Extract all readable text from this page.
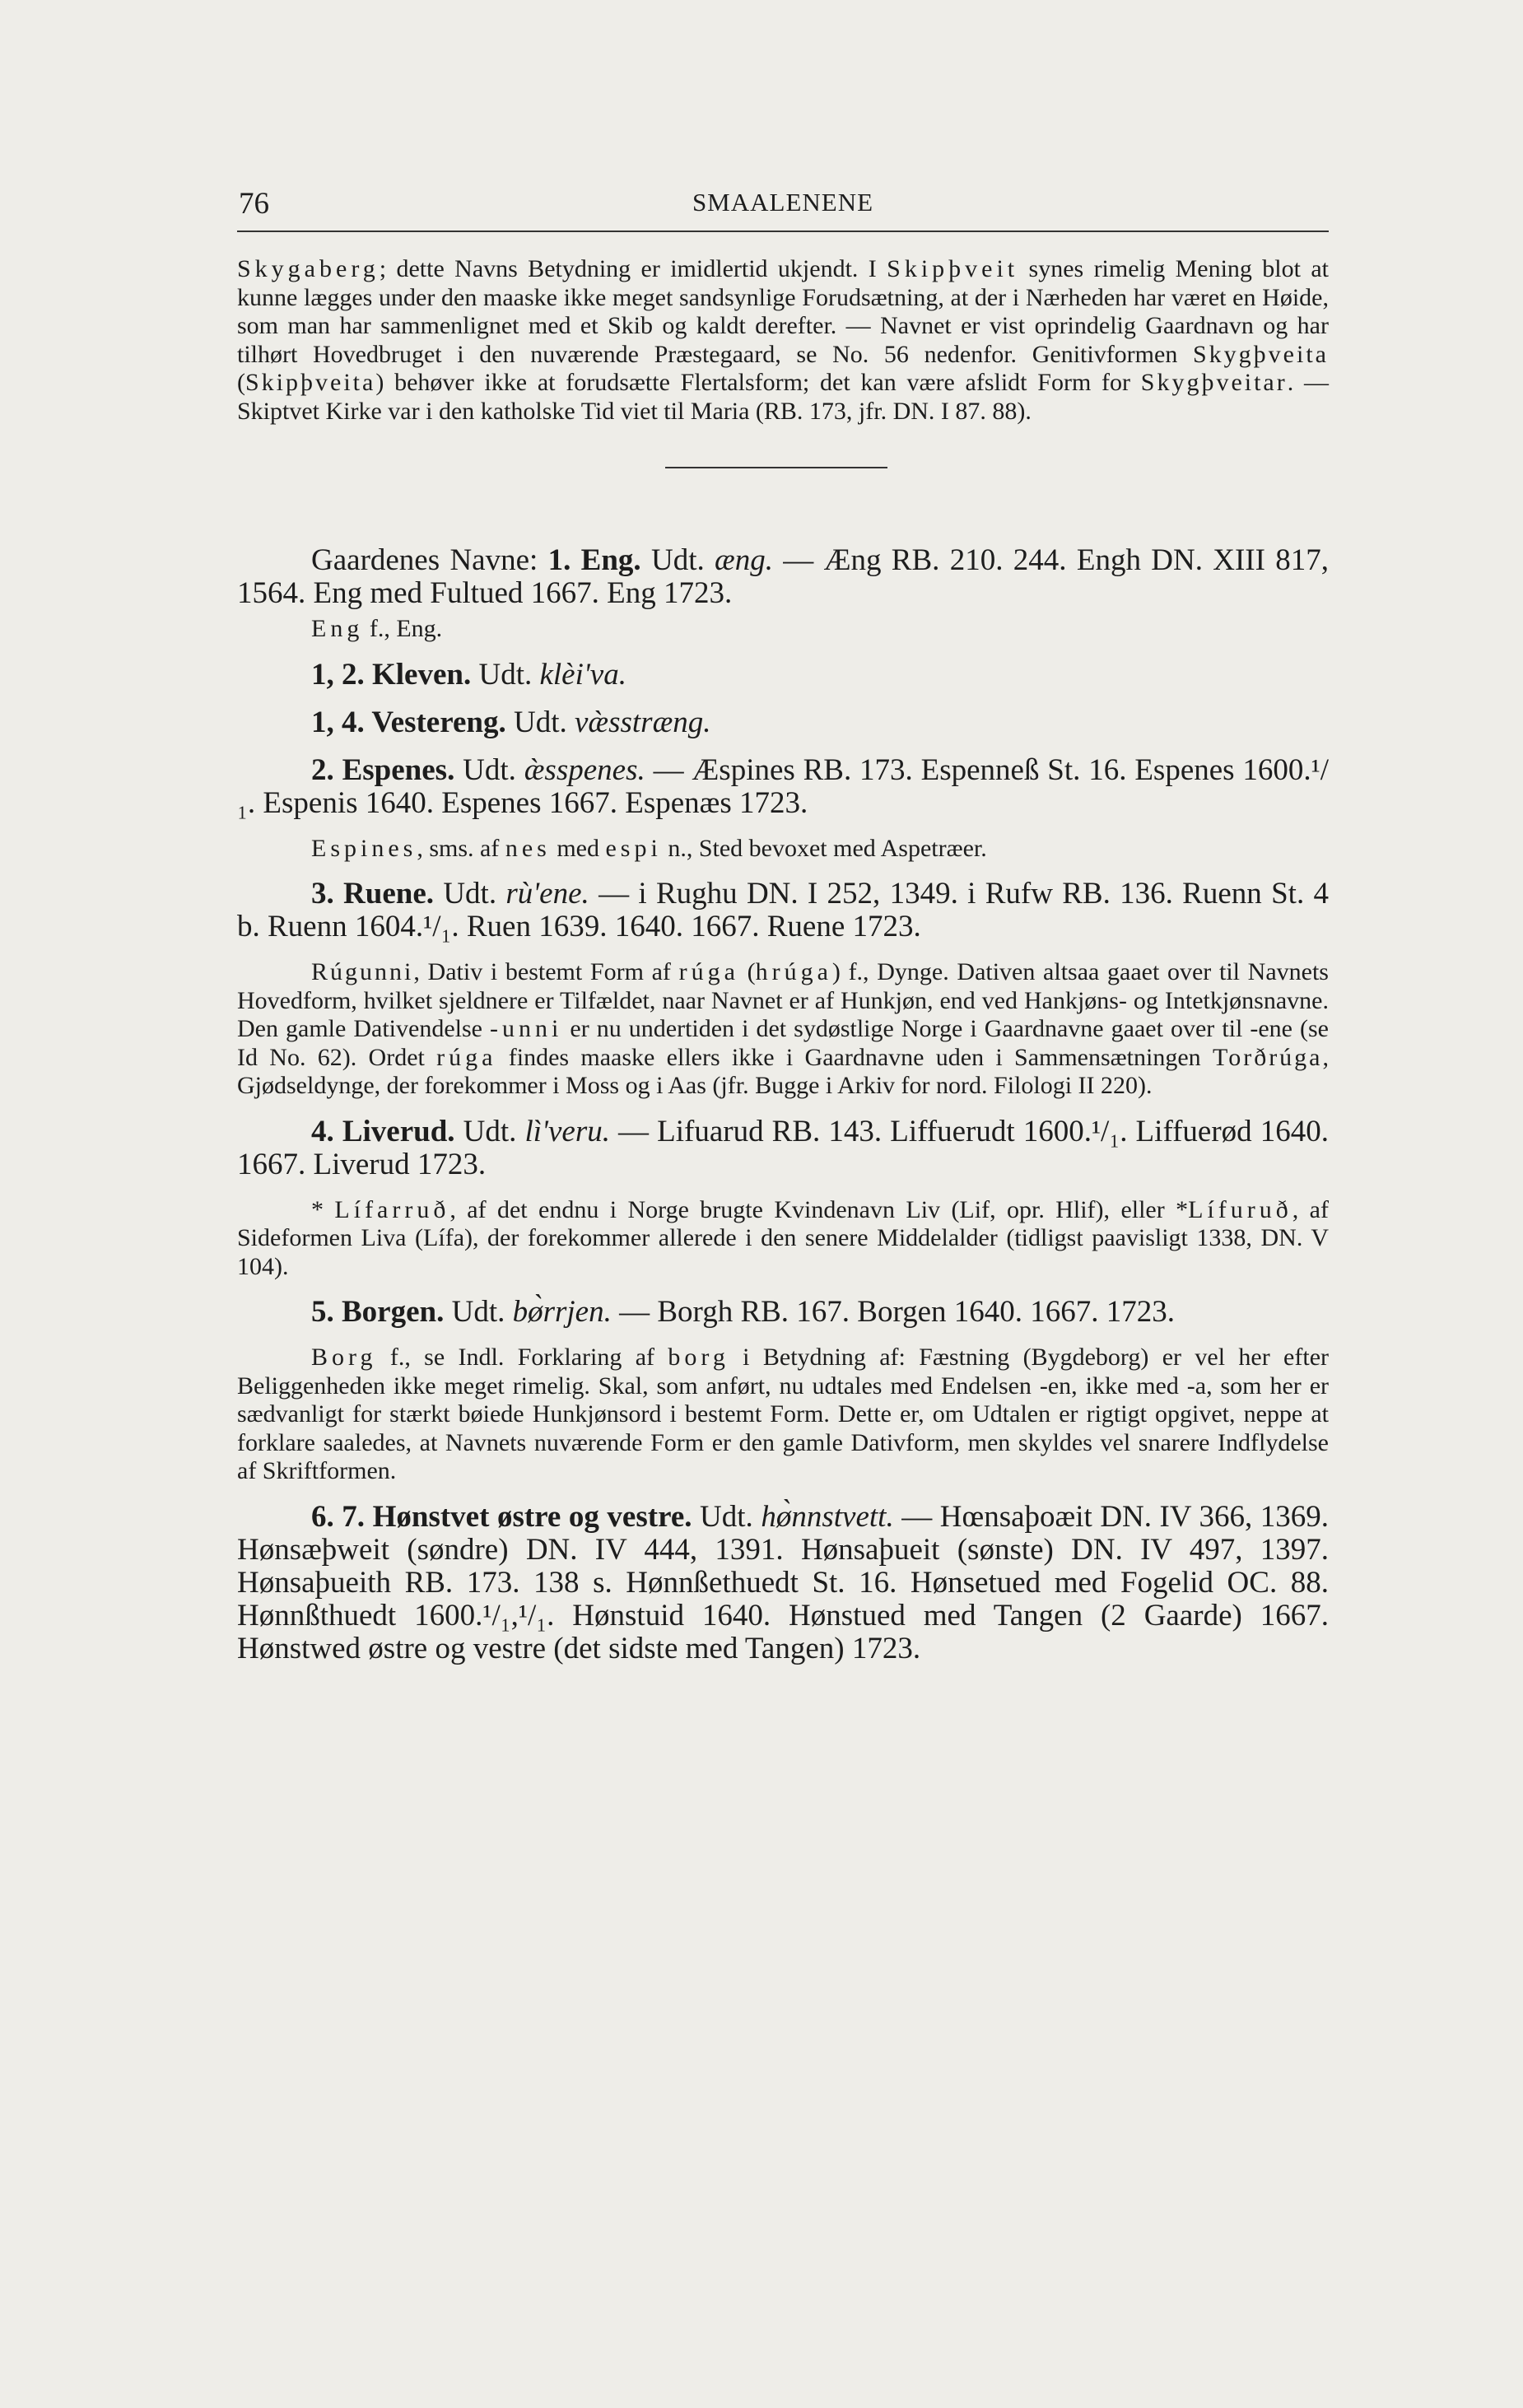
76	SMAALENENE

Skygaberg; dette Navns Betydning er imidlertid ukjendt. I Skipþveit synes rimelig Mening blot at kunne lægges under den maaske ikke meget sandsynlige Forudsætning, at der i Nærheden har været en Høide, som man har sammenlignet med et Skib og kaldt derefter. — Navnet er vist oprindelig Gaardnavn og har tilhørt Hovedbruget i den nuværende Præstegaard, se No. 56 nedenfor. Genitivformen Skygþveita (Skipþveita) behøver ikke at forudsætte Flertalsform; det kan være afslidt Form for Skygþveitar. — Skiptvet Kirke var i den katholske Tid viet til Maria (RB. 173, jfr. DN. I 87. 88).

Gaardenes Navne: 1. Eng. Udt. æng. — Æng RB. 210. 244. Engh DN. XIII 817, 1564. Eng med Fultued 1667. Eng 1723.

Eng f., Eng.

1, 2. Kleven. Udt. klèi'va.

1, 4. Vestereng. Udt. væ̀sstræng.

2. Espenes. Udt. æ̀sspenes. — Æspines RB. 173. Espenneß St. 16. Espenes 1600.¹/₁. Espenis 1640. Espenes 1667. Espenæs 1723.

Espines, sms. af nes med espi n., Sted bevoxet med Aspetræer.

3. Ruene. Udt. rù'ene. — i Rughu DN. I 252, 1349. i Rufw RB. 136. Ruenn St. 4 b. Ruenn 1604.¹/₁. Ruen 1639. 1640. 1667. Ruene 1723.

Rúgunni, Dativ i bestemt Form af rúga (hrúga) f., Dynge. Dativen altsaa gaaet over til Navnets Hovedform, hvilket sjeldnere er Tilfældet, naar Navnet er af Hunkjøn, end ved Hankjøns- og Intetkjønsnavne. Den gamle Dativendelse -unni er nu undertiden i det sydøstlige Norge i Gaardnavne gaaet over til -ene (se Id No. 62). Ordet rúga findes maaske ellers ikke i Gaardnavne uden i Sammensætningen Torðrúga, Gjødseldynge, der forekommer i Moss og i Aas (jfr. Bugge i Arkiv for nord. Filologi II 220).

4. Liverud. Udt. lì'veru. — Lifuarud RB. 143. Liffuerudt 1600.¹/₁. Liffuerød 1640. 1667. Liverud 1723.

* Lífarruð, af det endnu i Norge brugte Kvindenavn Liv (Lif, opr. Hlif), eller *Lífuruð, af Sideformen Liva (Lífa), der forekommer allerede i den senere Middelalder (tidligst paavisligt 1338, DN. V 104).

5. Borgen. Udt. bø̀rrjen. — Borgh RB. 167. Borgen 1640. 1667. 1723.

Borg f., se Indl. Forklaring af borg i Betydning af: Fæstning (Bygdeborg) er vel her efter Beliggenheden ikke meget rimelig. Skal, som anført, nu udtales med Endelsen -en, ikke med -a, som her er sædvanligt for stærkt bøiede Hunkjønsord i bestemt Form. Dette er, om Udtalen er rigtigt opgivet, neppe at forklare saaledes, at Navnets nuværende Form er den gamle Dativform, men skyldes vel snarere Indflydelse af Skriftformen.

6. 7. Hønstvet østre og vestre. Udt. hø̀nnstvett. — Hœnsaþoæit DN. IV 366, 1369. Hønsæþweit (søndre) DN. IV 444, 1391. Hønsaþueit (sønste) DN. IV 497, 1397. Hønsaþueith RB. 173. 138 s. Hønnßethuedt St. 16. Hønsetued med Fogelid OC. 88. Hønnßthuedt 1600.¹/₁,¹/₁. Hønstuid 1640. Hønstued med Tangen (2 Gaarde) 1667. Hønstwed østre og vestre (det sidste med Tangen) 1723.
